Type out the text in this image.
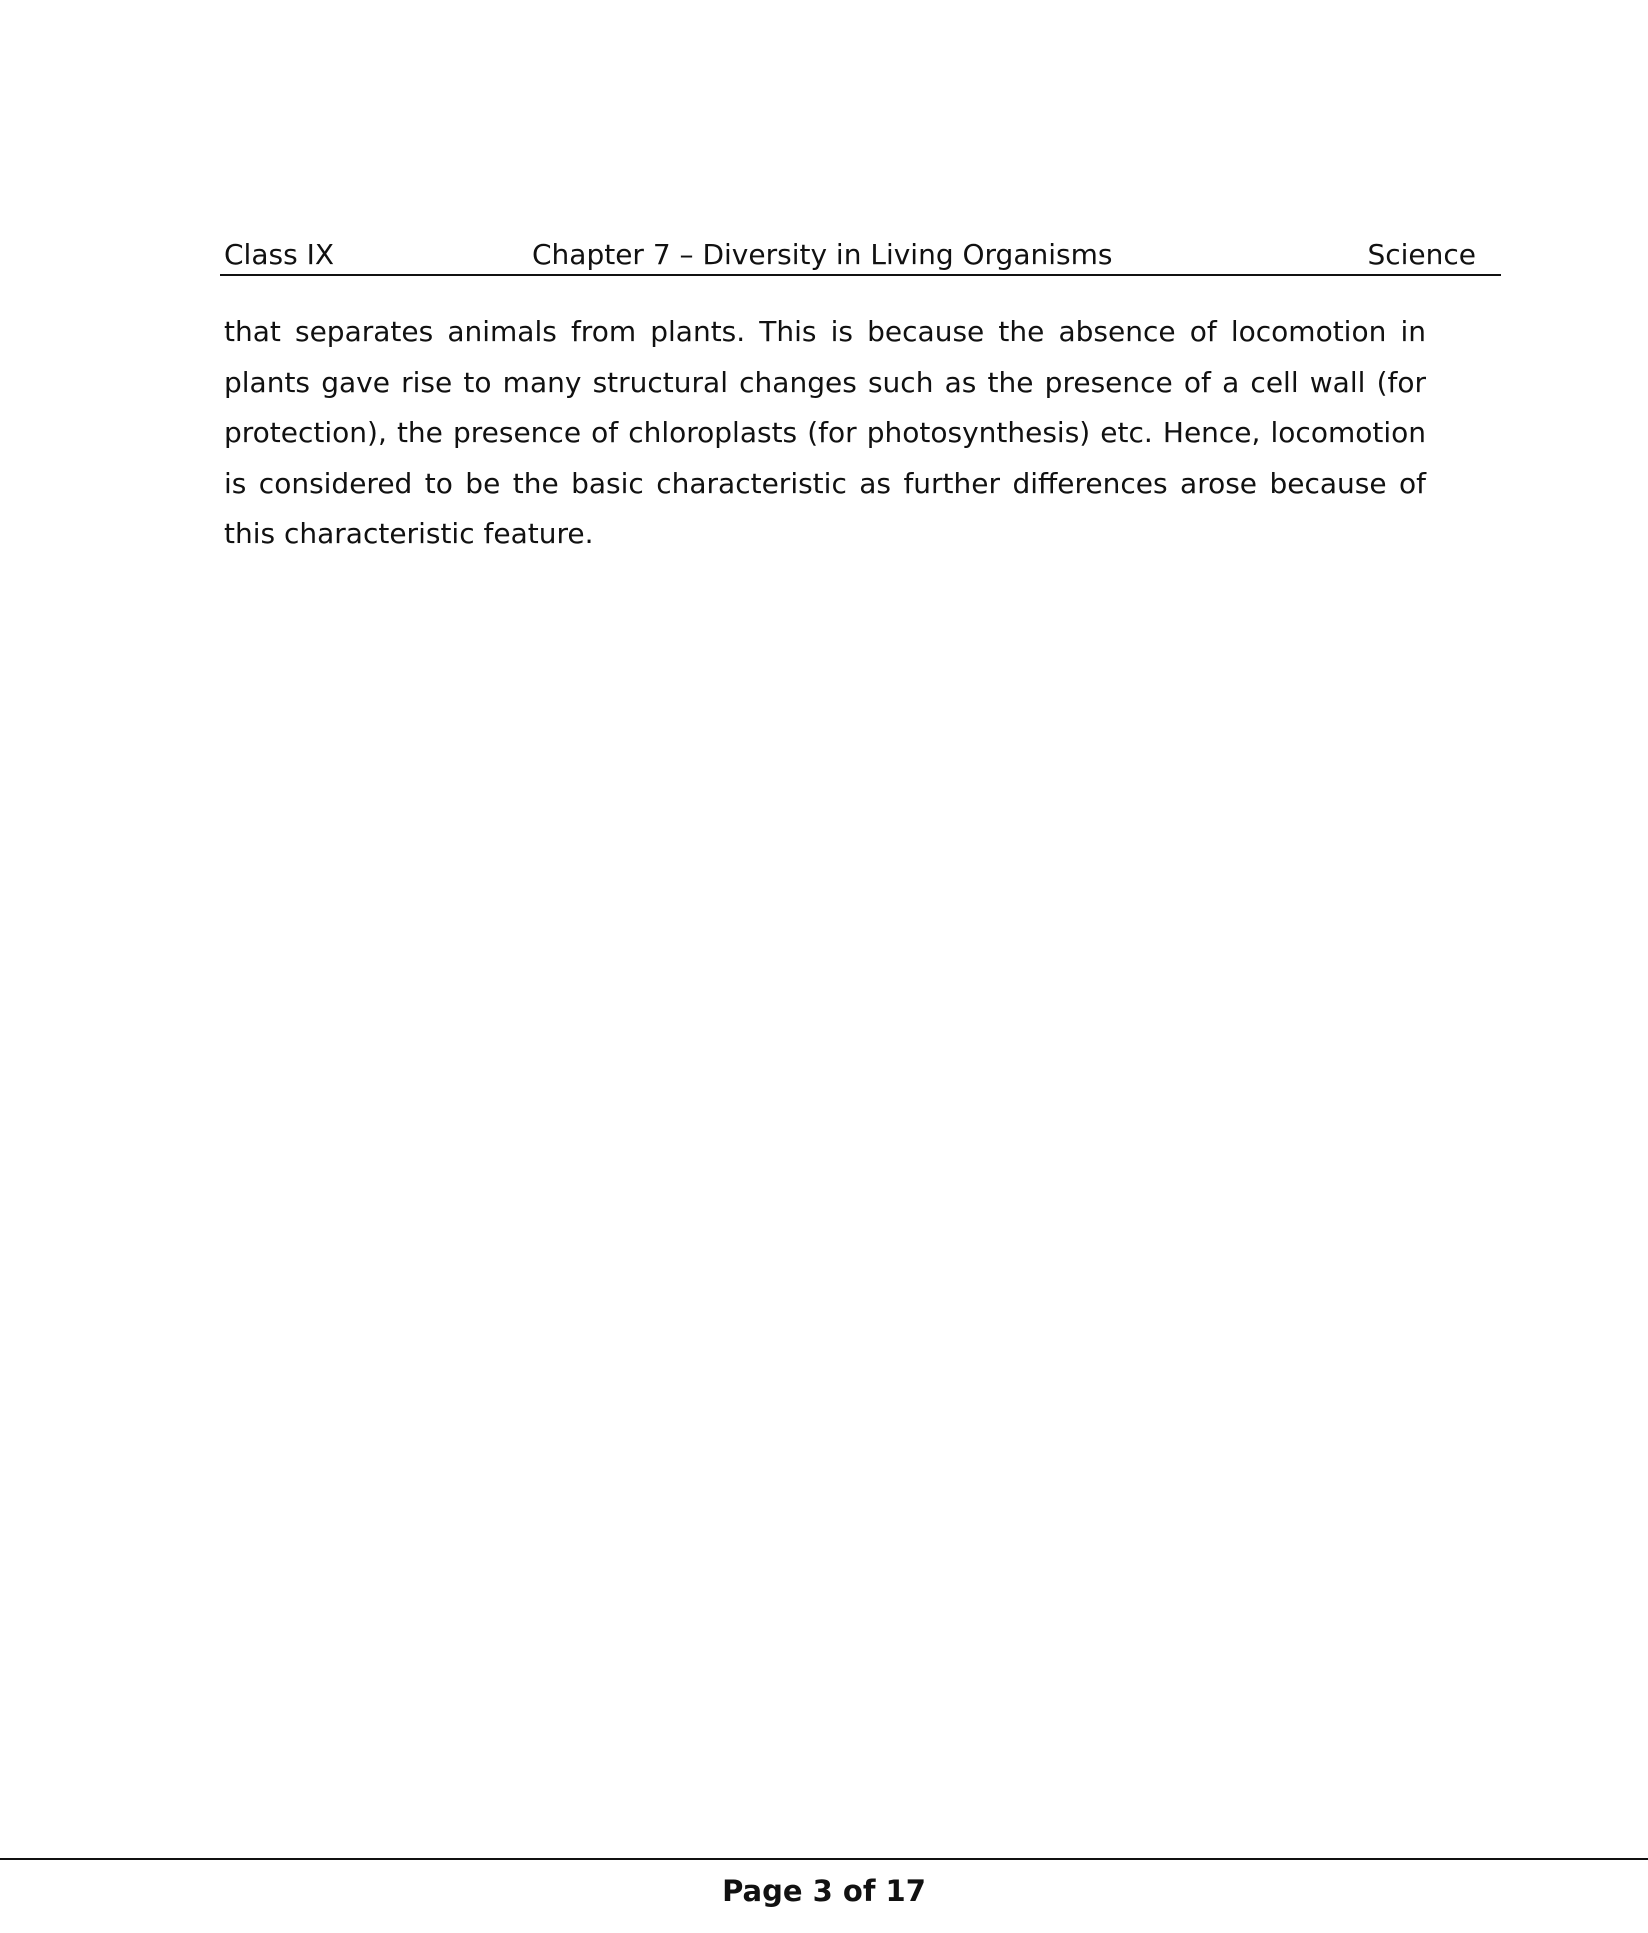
Class IX	Chapter 7 – Diversity in Living Organisms	Science

that separates animals from plants. This is because the absence of locomotion in plants gave rise to many structural changes such as the presence of a cell wall (for protection), the presence of chloroplasts (for photosynthesis) etc. Hence, locomotion is considered to be the basic characteristic as further differences arose because of this characteristic feature.

Page 3 of 17
